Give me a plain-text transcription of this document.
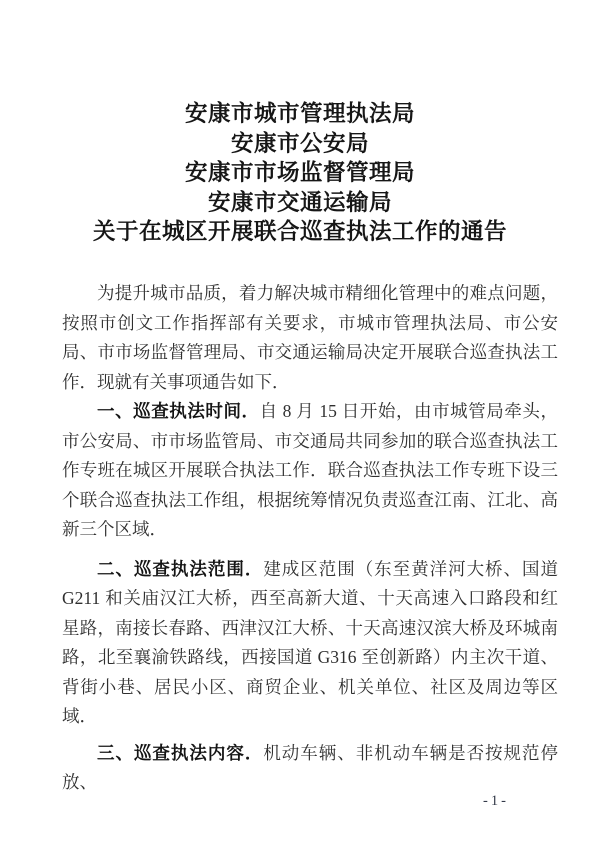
安康市城市管理执法局
安康市公安局
安康市市场监督管理局
安康市交通运输局
关于在城区开展联合巡查执法工作的通告

为提升城市品质，着力解决城市精细化管理中的难点问题，按照市创文工作指挥部有关要求，市城市管理执法局、市公安局、市市场监督管理局、市交通运输局决定开展联合巡查执法工作．现就有关事项通告如下．

一、巡查执法时间．自 8 月 15 日开始，由市城管局牵头，市公安局、市市场监管局、市交通局共同参加的联合巡查执法工作专班在城区开展联合执法工作．联合巡查执法工作专班下设三个联合巡查执法工作组，根据统筹情况负责巡查江南、江北、高新三个区域．

二、巡查执法范围．建成区范围（东至黄洋河大桥、国道 G211 和关庙汉江大桥，西至高新大道、十天高速入口路段和红星路，南接长春路、西津汉江大桥、十天高速汉滨大桥及环城南路，北至襄渝铁路线，西接国道 G316 至创新路）内主次干道、背街小巷、居民小区、商贸企业、机关单位、社区及周边等区域．

三、巡查执法内容．机动车辆、非机动车辆是否按规范停放、

-1-
